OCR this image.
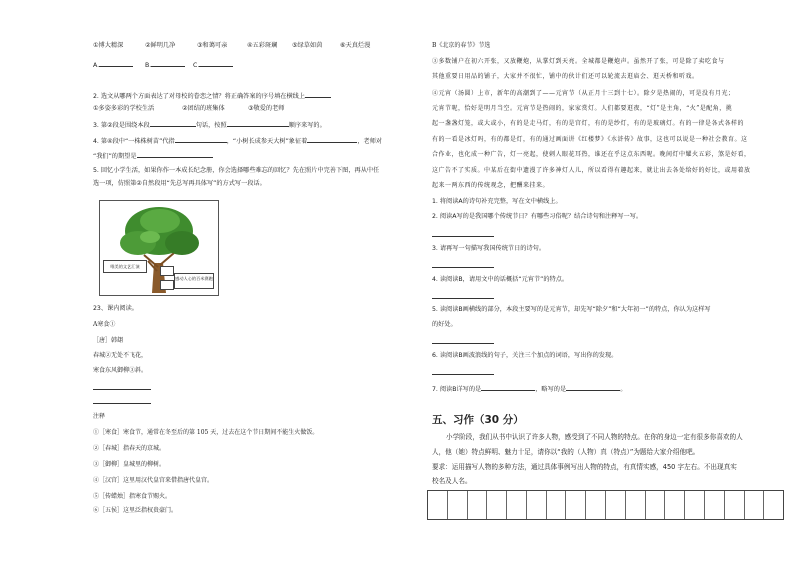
①博大精深	②鲜明几净	③和蔼可亲	④五彩斑斓 ⑤绿草如茵	⑥天真烂漫
A.	B.	C.
2. 选文从哪两个方面表达了对母校的眷恋之情？将正确答案的序号填在横线上
①多姿多彩的学校生活	②团结的班集体	③敬爱的老师
3. 第②段是围绕本段	句话，按照	顺序来写的。
4. 第④段中“一株株树苗”代指	，“小树长成参天大树”象征着	，老师对
“我们”的期望是
5. 回忆小学生活，如果你作一本成长纪念册，你会选择哪些难忘的回忆？先在照片中完善下图，再从中任
选一项，仿照第②自然段用“先总写再具体写”的方式写一段话。
唯美的文艺汇演
感动人心的百米赛跑
23、课内阅读。
A寒食①
［唐］韩翃
春城②无处不飞花，
寒食东风御柳③斜。
注释
①［寒食］寒食节，通常在冬至后的第 105 天，过去在这个节日期间不能生火做饭。
②［春城］指春天的京城。
③［御柳］皇城里的柳树。
④［汉宫］这里用汉代皇宫来借指唐代皇宫。
⑤［传蜡烛］指寒食节赐火。
⑥［五侯］这里泛指权贵豪门。
B《北京的春节》节选
③多数铺户在初六开张，又放鞭炮，从掌灯到天亮。全城都是鞭炮声。虽然开了张，可是除了卖吃食与
其他重要日用品的铺子，大家并不很忙，铺中的伙计们还可以轮流去逛庙会、逛天桥和听戏。
④元宵（汤圆）上市，新年的高潮到了——元宵节（从正月十三到十七）。除夕是热闹的，可是没有月光；
元宵节呢，恰好是明月当空。元宵节是热闹的，家家赏灯。人们都要逛夜，“灯”是主角，“火”是配角，挑
起一盏盏灯笼，或大或小，有的是走马灯，有的是宫灯，有的是纱灯，有的是玻璃灯。有的一律是各式各样的
有的一看是冰灯吗，有的都是灯，有的通过画面讲《红楼梦》《水浒传》故事，这也可以说是一种社会教育。这
合作业，也化成一种广告，灯一亮起，使刺人眼花耳热，谁还在乎这点东西呢。晚间灯中耀火五彩，煞是好看，
这广告不了实质。中某后在街中遗漫了许多神灯人儿，所以看得有趣起来，就让出去各处给好的好比，或用着放
起来一两东西的传统观念，把酬来挂来。
1. 将阅读A的诗句补充完整，写在文中横线上。
2. 阅读A写的是我国哪个传统节日？有哪些习俗呢？结合诗句和注释写一写。
3. 请再写一句描写我国传统节日的诗句。
4. 读阅读B，请用文中的话概括“元宵节”的特点。
5. 读阅读B画横线的部分，本段主要写的是元宵节，却先写“除夕”和“大年初一”的特点，你认为这样写
的好处。
6. 读阅读B画波浪线的句子，关注三个加点的词语，写出你的发现。
7. 阅读B详写的是	，略写的是	。
五、习作（30 分）
小学阶段，我们从书中认识了许多人物，感受到了不同人物的特点。在你的身边一定有很多你喜欢的人
人，他（她）特点鲜明、魅力十足，请你以“我的（人物）真（特点）”为题给大家介绍他吧。
要求：运用描写人物的多种方法，通过具体事例写出人物的特点，有真情实感，450 字左右。不出现真实
校名及人名。
